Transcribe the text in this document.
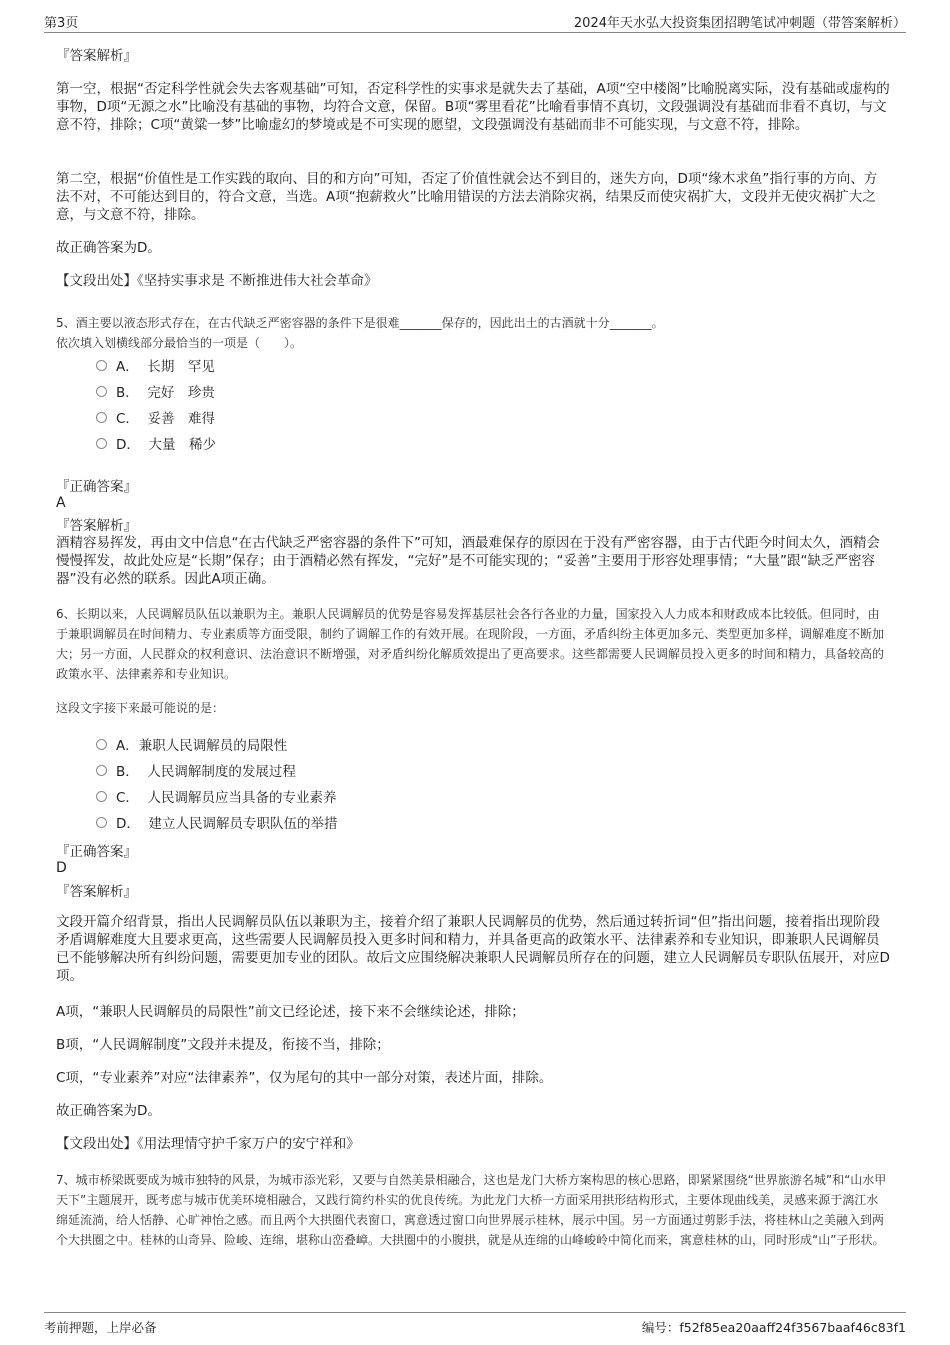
第3页	2024年天水弘大投资集团招聘笔试冲刺题（带答案解析）

『答案解析』

第一空，根据“否定科学性就会失去客观基础”可知，否定科学性的实事求是就失去了基础，A项“空中楼阁”比喻脱离实际，没有基础或虚构的事物，D项“无源之水”比喻没有基础的事物，均符合文意，保留。B项“雾里看花”比喻看事情不真切，文段强调没有基础而非看不真切，与文意不符，排除；C项“黄粱一梦”比喻虚幻的梦境或是不可实现的愿望，文段强调没有基础而非不可能实现，与文意不符，排除。

第二空，根据“价值性是工作实践的取向、目的和方向”可知，否定了价值性就会达不到目的，迷失方向，D项“缘木求鱼”指行事的方向、方法不对，不可能达到目的，符合文意，当选。A项“抱薪救火”比喻用错误的方法去消除灾祸，结果反而使灾祸扩大，文段并无使灾祸扩大之意，与文意不符，排除。

故正确答案为D。

【文段出处】《坚持实事求是 不断推进伟大社会革命》

5、酒主要以液态形式存在，在古代缺乏严密容器的条件下是很难_______保存的，因此出土的古酒就十分_______。

依次填入划横线部分最恰当的一项是（　　）。

A．  长期　罕见
B．  完好　珍贵
C．  妥善　难得
D．  大量　稀少
『正确答案』
A
『答案解析』

酒精容易挥发，再由文中信息“在古代缺乏严密容器的条件下”可知，酒最难保存的原因在于没有严密容器，由于古代距今时间太久，酒精会慢慢挥发，故此处应是“长期”保存；由于酒精必然有挥发，“完好”是不可能实现的；“妥善”主要用于形容处理事情；“大量”跟“缺乏严密容器”没有必然的联系。因此A项正确。

6、长期以来，人民调解员队伍以兼职为主。兼职人民调解员的优势是容易发挥基层社会各行各业的力量，国家投入人力成本和财政成本比较低。但同时，由于兼职调解员在时间精力、专业素质等方面受限，制约了调解工作的有效开展。在现阶段，一方面，矛盾纠纷主体更加多元、类型更加多样，调解难度不断加大；另一方面，人民群众的权利意识、法治意识不断增强，对矛盾纠纷化解质效提出了更高要求。这些都需要人民调解员投入更多的时间和精力，具备较高的政策水平、法律素养和专业知识。

这段文字接下来最可能说的是：

A．兼职人民调解员的局限性
B．  人民调解制度的发展过程
C．  人民调解员应当具备的专业素养
D．  建立人民调解员专职队伍的举措
『正确答案』
D
『答案解析』

文段开篇介绍背景，指出人民调解员队伍以兼职为主，接着介绍了兼职人民调解员的优势，然后通过转折词“但”指出问题，接着指出现阶段矛盾调解难度大且要求更高，这些需要人民调解员投入更多时间和精力，并具备更高的政策水平、法律素养和专业知识，即兼职人民调解员已不能够解决所有纠纷问题，需要更加专业的团队。故后文应围绕解决兼职人民调解员所存在的问题，建立人民调解员专职队伍展开，对应D项。

A项，“兼职人民调解员的局限性”前文已经论述，接下来不会继续论述，排除；

B项，“人民调解制度”文段并未提及，衔接不当，排除；

C项，“专业素养”对应“法律素养”，仅为尾句的其中一部分对策，表述片面，排除。

故正确答案为D。

【文段出处】《用法理情守护千家万户的安宁祥和》

7、城市桥梁既要成为城市独特的风景，为城市添光彩，又要与自然美景相融合，这也是龙门大桥方案构思的核心思路，即紧紧围绕“世界旅游名城”和“山水甲天下”主题展开，既考虑与城市优美环境相融合，又践行简约朴实的优良传统。为此龙门大桥一方面采用拱形结构形式，主要体现曲线美，灵感来源于漓江水绵延流淌，给人恬静、心旷神怡之感。而且两个大拱圈代表窗口，寓意透过窗口向世界展示桂林，展示中国。另一方面通过剪影手法，将桂林山之美融入到两个大拱圈之中。桂林的山奇异、险峻、连绵，堪称山峦叠嶂。大拱圈中的小腹拱，就是从连绵的山峰峻岭中简化而来，寓意桂林的山，同时形成“山”子形状。

考前押题，上岸必备	编号：f52f85ea20aaff24f3567baaf46c83f1
